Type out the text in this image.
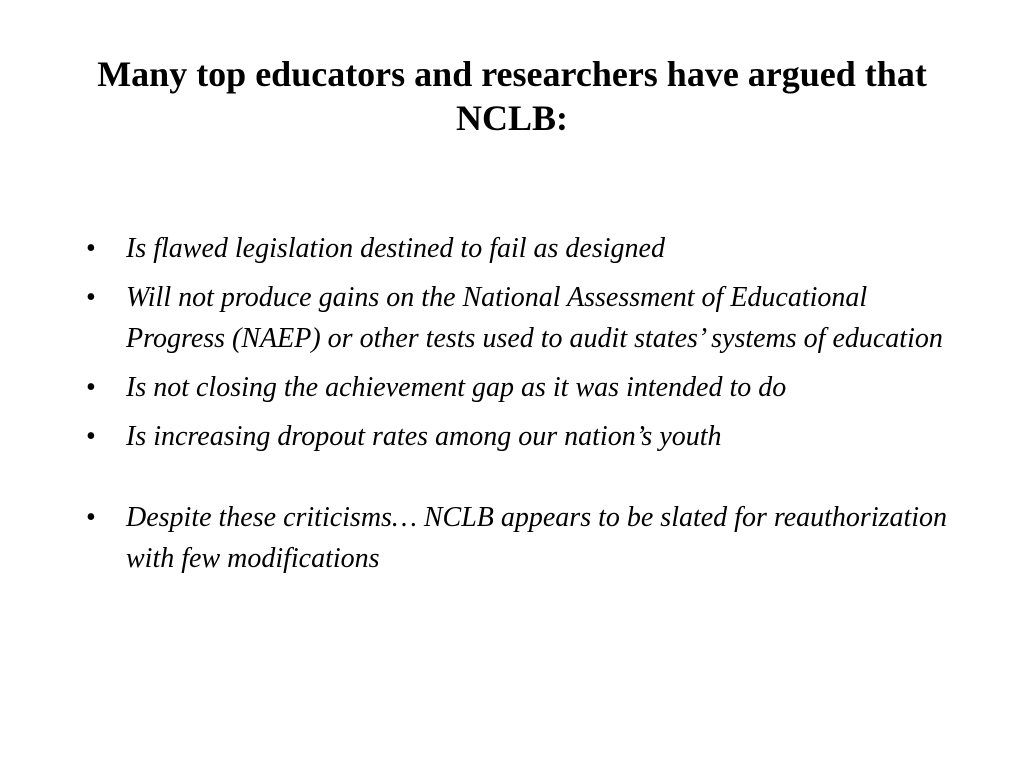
Many top educators and researchers have argued that NCLB:
• Is flawed legislation destined to fail as designed
• Will not produce gains on the National Assessment of Educational Progress (NAEP) or other tests used to audit states’ systems of education
• Is not closing the achievement gap as it was intended to do
• Is increasing dropout rates among our nation’s youth
• Despite these criticisms… NCLB appears to be slated for reauthorization with few modifications
